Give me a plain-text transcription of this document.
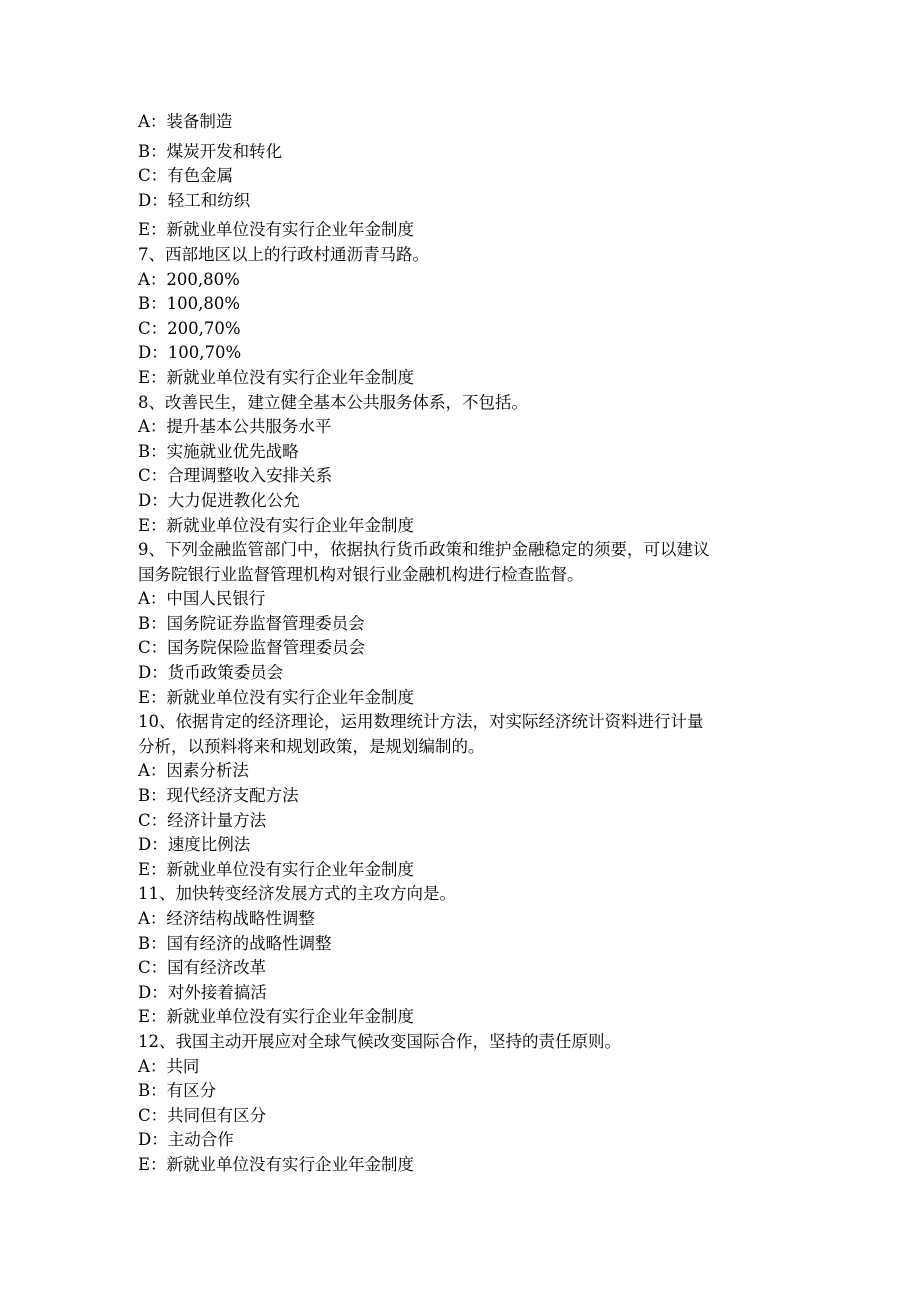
A：装备制造
B：煤炭开发和转化
C：有色金属
D：轻工和纺织
E：新就业单位没有实行企业年金制度
7、西部地区以上的行政村通沥青马路。
A：200,80%
B：100,80%
C：200,70%
D：100,70%
E：新就业单位没有实行企业年金制度
8、改善民生，建立健全基本公共服务体系，不包括。
A：提升基本公共服务水平
B：实施就业优先战略
C：合理调整收入安排关系
D：大力促进教化公允
E：新就业单位没有实行企业年金制度
9、下列金融监管部门中，依据执行货币政策和维护金融稳定的须要，可以建议
国务院银行业监督管理机构对银行业金融机构进行检查监督。
A：中国人民银行
B：国务院证券监督管理委员会
C：国务院保险监督管理委员会
D：货币政策委员会
E：新就业单位没有实行企业年金制度
10、依据肯定的经济理论，运用数理统计方法，对实际经济统计资料进行计量
分析，以预料将来和规划政策，是规划编制的。
A：因素分析法
B：现代经济支配方法
C：经济计量方法
D：速度比例法
E：新就业单位没有实行企业年金制度
11、加快转变经济发展方式的主攻方向是。
A：经济结构战略性调整
B：国有经济的战略性调整
C：国有经济改革
D：对外接着搞活
E：新就业单位没有实行企业年金制度
12、我国主动开展应对全球气候改变国际合作，坚持的责任原则。
A：共同
B：有区分
C：共同但有区分
D：主动合作
E：新就业单位没有实行企业年金制度
